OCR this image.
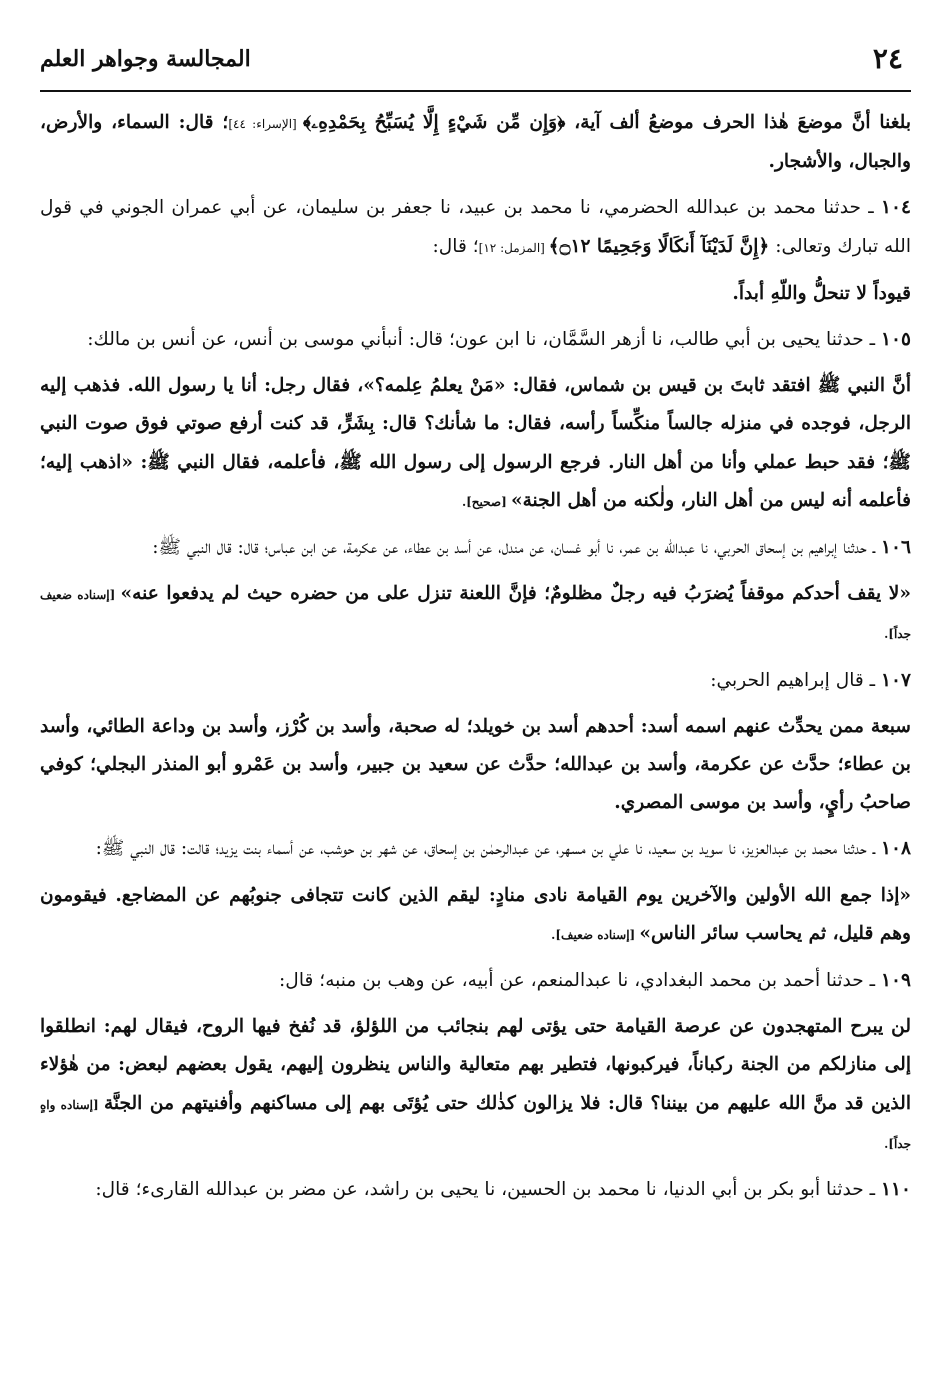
المجالسة وجواهر العلم	٢٤

بلغنا أنَّ موضعَ هٰذا الحرف موضعُ ألف آية، ﴿وَإِن مِّن شَيْءٍ إِلَّا يُسَبِّحُ بِحَمْدِهِۦ﴾ [الإسراء: ٤٤]؛ قال: السماء، والأرض، والجبال، والأشجار.

١٠٤ ـ حدثنا محمد بن عبدالله الحضرمي، نا محمد بن عبيد، نا جعفر بن سليمان، عن أبي عمران الجوني في قول الله تبارك وتعالى: ﴿إِنَّ لَدَيْنَآ أَنكَالًا وَجَحِيمًا ۝١٢﴾ [المزمل: ١٢]؛ قال:

قيوداً لا تنحلُّ واللّهِ أبداً.

١٠٥ ـ حدثنا يحيى بن أبي طالب، نا أزهر السَّمَّان، نا ابن عون؛ قال: أنبأني موسى بن أنس، عن أنس بن مالك:

أنَّ النبي ﷺ افتقد ثابتَ بن قيس بن شماس، فقال: «مَنْ يعلمُ عِلمه؟»، فقال رجل: أنا يا رسول الله. فذهب إليه الرجل، فوجده في منزله جالساً منكِّساً رأسه، فقال: ما شأنك؟ قال: بِشَرٍّ، قد كنت أرفع صوتي فوق صوت النبي ﷺ؛ فقد حبط عملي وأنا من أهل النار. فرجع الرسول إلى رسول الله ﷺ، فأعلمه، فقال النبي ﷺ: «اذهب إليه؛ فأعلمه أنه ليس من أهل النار، ولٰكنه من أهل الجنة» [صحيح].

١٠٦ ـ حدثنا إبراهيم بن إسحاق الحربي، نا عبدالله بن عمر، نا أبو غسان، عن مندل، عن أسد بن عطاء، عن عكرمة، عن ابن عباس؛ قال: قال النبي ﷺ:

«لا يقف أحدكم موقفاً يُضرَبُ فيه رجلٌ مظلومٌ؛ فإنَّ اللعنة تنزل على من حضره حيث لم يدفعوا عنه» [إسناده ضعيف جداً].

١٠٧ ـ قال إبراهيم الحربي:

سبعة ممن يحدِّث عنهم اسمه أسد: أحدهم أسد بن خويلد؛ له صحبة، وأسد بن كُرْز، وأسد بن وداعة الطائي، وأسد بن عطاء؛ حدَّث عن عكرمة، وأسد بن عبدالله؛ حدَّث عن سعيد بن جبير، وأسد بن عَمْرو أبو المنذر البجلي؛ كوفي صاحبُ رأيٍ، وأسد بن موسى المصري.

١٠٨ ـ حدثنا محمد بن عبدالعزيز، نا سويد بن سعيد، نا علي بن مسهر، عن عبدالرحمٰن بن إسحاق، عن شهر بن حوشب، عن أسماء بنت يزيد؛ قالت: قال النبي ﷺ:

«إذا جمع الله الأولين والآخرين يوم القيامة نادى منادٍ: ليقم الذين كانت تتجافى جنوبُهم عن المضاجع. فيقومون وهم قليل، ثم يحاسب سائر الناس» [إسناده ضعيف].

١٠٩ ـ حدثنا أحمد بن محمد البغدادي، نا عبدالمنعم، عن أبيه، عن وهب بن منبه؛ قال:

لن يبرح المتهجدون عن عرصة القيامة حتى يؤتى لهم بنجائب من اللؤلؤ، قد نُفخ فيها الروح، فيقال لهم: انطلقوا إلى منازلكم من الجنة ركباناً، فيركبونها، فتطير بهم متعالية والناس ينظرون إليهم، يقول بعضهم لبعض: من هٰؤلاء الذين قد منَّ الله عليهم من بيننا؟ قال: فلا يزالون كذٰلك حتى يُؤتَى بهم إلى مساكنهم وأفنيتهم من الجنَّة [إسناده واهٍ جداً].

١١٠ ـ حدثنا أبو بكر بن أبي الدنيا، نا محمد بن الحسين، نا يحيى بن راشد، عن مضر بن عبدالله القارىء؛ قال:
